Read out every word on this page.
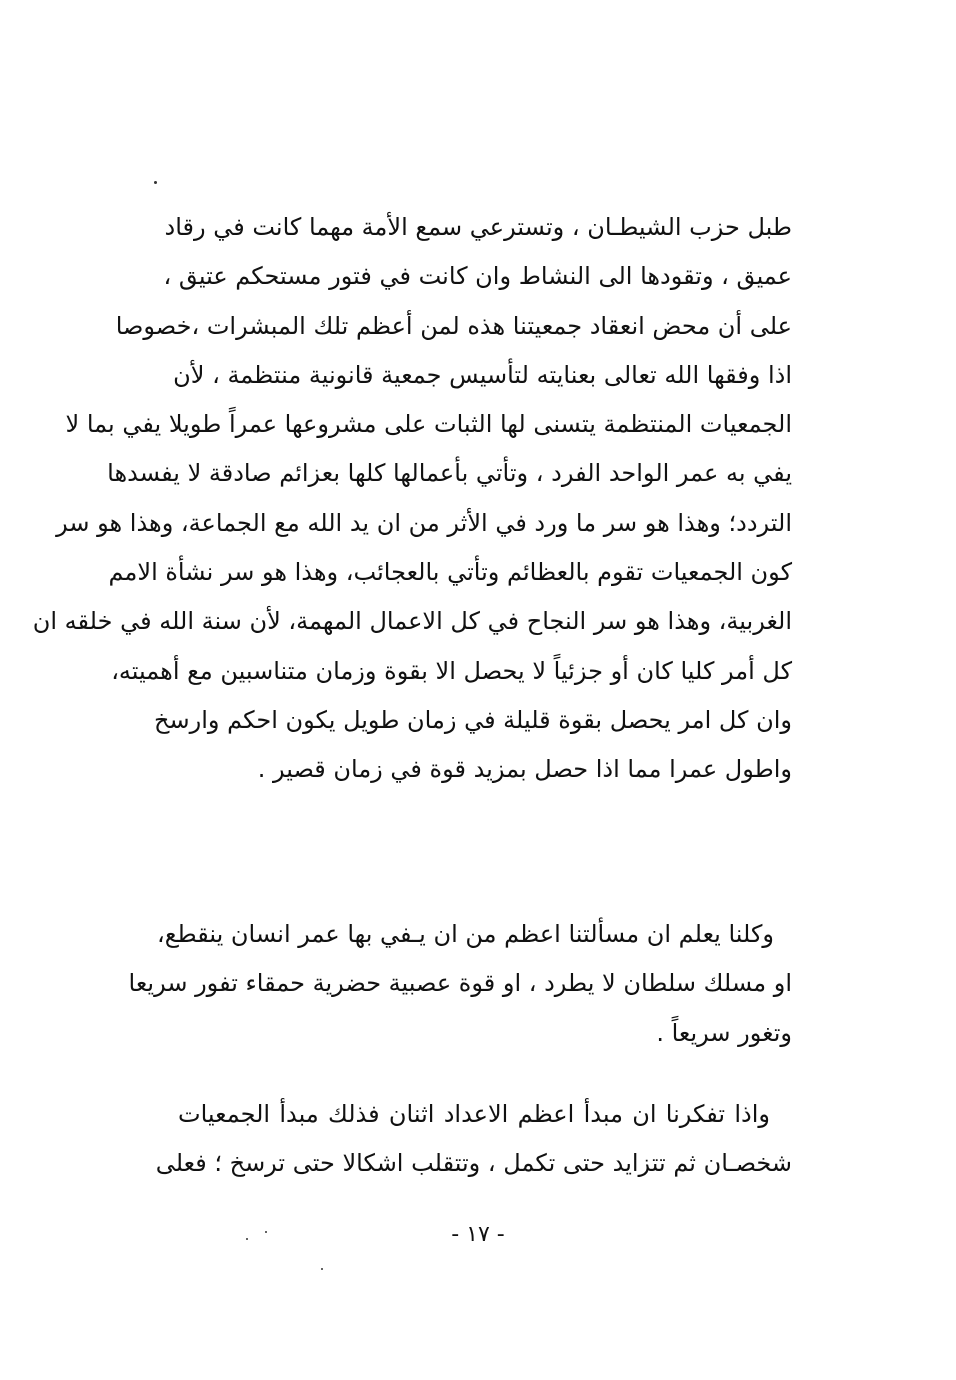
طبل حزب الشيطـان ، وتسترعي سمع الأمة مهما كانت في رقاد
عميق ، وتقودها الى النشاط وان كانت في فتور مستحكم عتيق ،
على أن محض انعقاد جمعيتنا هذه لمن أعظم تلك المبشرات ،خصوصا
اذا وفقها الله تعالى بعنايته لتأسيس جمعية قانونية منتظمة ، لأن
الجمعيات المنتظمة يتسنى لها الثبات على مشروعها عمراً طويلا يفي بما لا
يفي به عمر الواحد الفرد ، وتأتي بأعمالها كلها بعزائم صادقة لا يفسدها
التردد؛ وهذا هو سر ما ورد في الأثر من ان يد الله مع الجماعة، وهذا هو سر
كون الجمعيات تقوم بالعظائم وتأتي بالعجائب، وهذا هو سر نشأة الامم
الغربية، وهذا هو سر النجاح في كل الاعمال المهمة، لأن سنة الله في خلقه ان
كل أمر كليا كان أو جزئياً لا يحصل الا بقوة وزمان متناسبين مع أهميته،
وان كل امر يحصل بقوة قليلة في زمان طويل يكون احكم وارسخ
واطول عمرا مما اذا حصل بمزيد قوة في زمان قصير .
وكلنا يعلم ان مسألتنا اعظم من ان يـفي بها عمر انسان ينقطع،
او مسلك سلطان لا يطرد ، او قوة عصبية حضرية حمقاء تفور سريعا
وتغور سريعاً .
واذا تفكرنا ان مبدأ اعظم الاعداد اثنان فذلك مبدأ الجمعيات
شخصـان ثم تتزايد حتى تكمل ، وتتقلب اشكالا حتى ترسخ ؛ فعلى
- ١٧ -
